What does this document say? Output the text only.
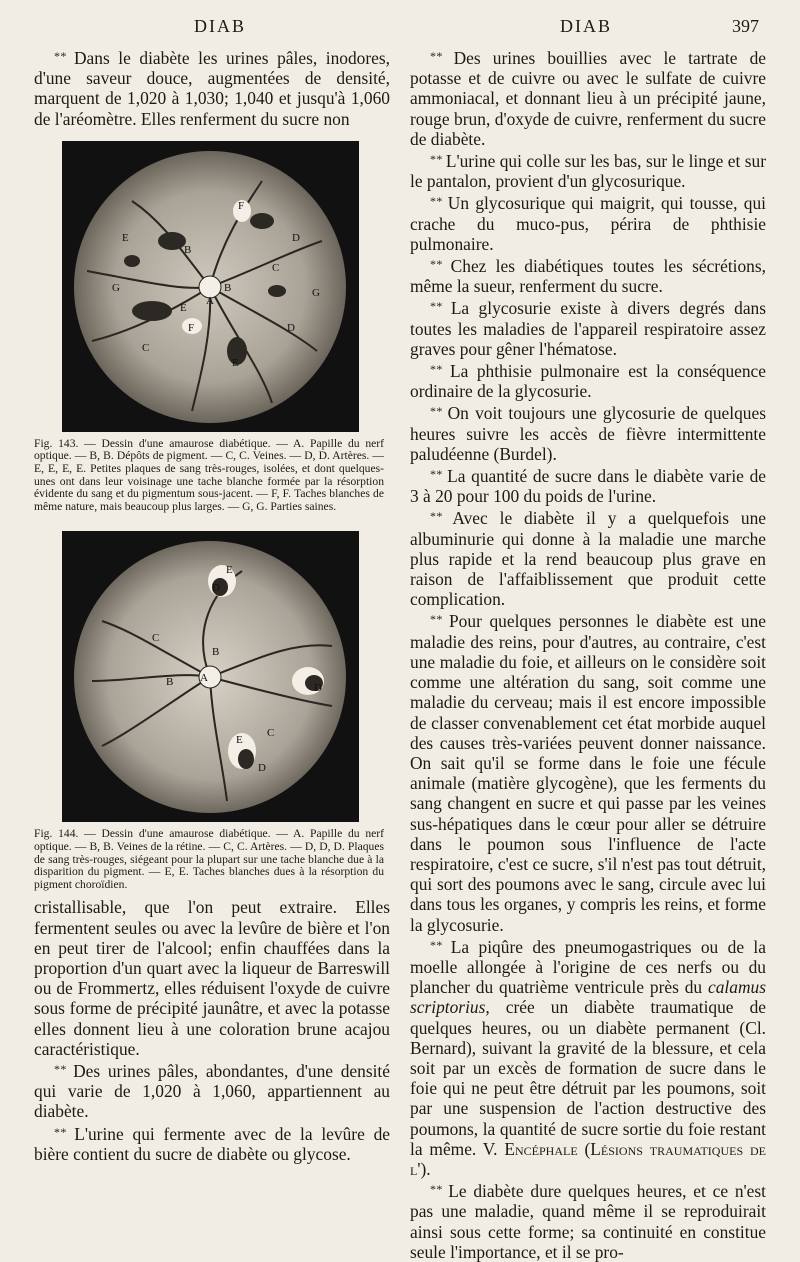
DIAB	DIAB	397

* * Dans le diabète les urines pâles, inodores, d'une saveur douce, augmentées de densité, marquent de 1,020 à 1,030; 1,040 et jusqu'à 1,060 de l'aréomètre. Elles renferment du sucre non

A
B
B
C
C
D
D
E
E
E
F
F
G
G
Fig. 143. — Dessin d'une amaurose diabétique. — A. Papille du nerf optique. — B, B. Dépôts de pigment. — C, C. Veines. — D, D. Artères. — E, E, E, E. Petites plaques de sang très-rouges, isolées, et dont quelques-unes ont dans leur voisinage une tache blanche formée par la résorption évidente du sang et du pigmentum sous-jacent. — F, F. Taches blanches de même nature, mais beaucoup plus larges. — G, G. Parties saines.
A
B
B
C
C
D
D
D
E
E
Fig. 144. — Dessin d'une amaurose diabétique. — A. Papille du nerf optique. — B, B. Veines de la rétine. — C, C. Artères. — D, D, D. Plaques de sang très-rouges, siégeant pour la plupart sur une tache blanche due à la disparition du pigment. — E, E. Taches blanches dues à la résorption du pigment choroïdien.

cristallisable, que l'on peut extraire. Elles fermentent seules ou avec la levûre de bière et l'on en peut tirer de l'alcool; enfin chauffées dans la proportion d'un quart avec la liqueur de Barreswill ou de Frommertz, elles réduisent l'oxyde de cuivre sous forme de précipité jaunâtre, et avec la potasse elles donnent lieu à une coloration brune acajou caractéristique.

* * Des urines pâles, abondantes, d'une densité qui varie de 1,020 à 1,060, appartiennent au diabète.

* * L'urine qui fermente avec de la levûre de bière contient du sucre de diabète ou glycose.

* * Des urines bouillies avec le tartrate de potasse et de cuivre ou avec le sulfate de cuivre ammoniacal, et donnant lieu à un précipité jaune, rouge brun, d'oxyde de cuivre, renferment du sucre de diabète.

* * L'urine qui colle sur les bas, sur le linge et sur le pantalon, provient d'un glycosurique.

* * Un glycosurique qui maigrit, qui tousse, qui crache du muco-pus, périra de phthisie pulmonaire.

* * Chez les diabétiques toutes les sécrétions, même la sueur, renferment du sucre.

* * La glycosurie existe à divers degrés dans toutes les maladies de l'appareil respiratoire assez graves pour gêner l'hématose.

* * La phthisie pulmonaire est la conséquence ordinaire de la glycosurie.

* * On voit toujours une glycosurie de quelques heures suivre les accès de fièvre intermittente paludéenne (Burdel).

* * La quantité de sucre dans le diabète varie de 3 à 20 pour 100 du poids de l'urine.

* * Avec le diabète il y a quelquefois une albuminurie qui donne à la maladie une marche plus rapide et la rend beaucoup plus grave en raison de l'affaiblissement que produit cette complication.

* * Pour quelques personnes le diabète est une maladie des reins, pour d'autres, au contraire, c'est une maladie du foie, et ailleurs on le considère soit comme une altération du sang, soit comme une maladie du cerveau; mais il est encore impossible de classer convenablement cet état morbide auquel des causes très-variées peuvent donner naissance. On sait qu'il se forme dans le foie une fécule animale (matière glycogène), que les ferments du sang changent en sucre et qui passe par les veines sus-hépatiques dans le cœur pour aller se détruire dans le poumon sous l'influence de l'acte respiratoire, c'est ce sucre, s'il n'est pas tout détruit, qui sort des poumons avec le sang, circule avec lui dans tous les organes, y compris les reins, et forme la glycosurie.

* * La piqûre des pneumogastriques ou de la moelle allongée à l'origine de ces nerfs ou du plancher du quatrième ventricule près du calamus scriptorius, crée un diabète traumatique de quelques heures, ou un diabète permanent (Cl. Bernard), suivant la gravité de la blessure, et cela soit par un excès de formation de sucre dans le foie qui ne peut être détruit par les poumons, soit par une suspension de l'action destructive des poumons, la quantité de sucre sortie du foie restant la même. V. Encéphale (Lésions traumatiques de l').

* * Le diabète dure quelques heures, et ce n'est pas une maladie, quand même il se reproduirait ainsi sous cette forme; sa continuité en constitue seule l'importance, et il se pro-
